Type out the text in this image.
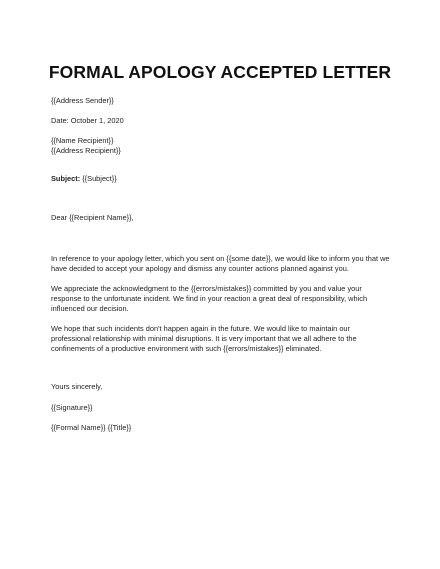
FORMAL APOLOGY ACCEPTED LETTER
{{Address Sender}}
Date: October 1, 2020
{{Name Recipient}}
{{Address Recipient}}
Subject: {{Subject}}
Dear {{Recipient Name}},
In reference to your apology letter, which you sent on {{some date}}, we would like to inform you that we
have decided to accept your apology and dismiss any counter actions planned against you.
We appreciate the acknowledgment to the {{errors/mistakes}} committed by you and value your
response to the unfortunate incident. We find in your reaction a great deal of responsibility, which
influenced our decision.
We hope that such incidents don't happen again in the future. We would like to maintain our
professional relationship with minimal disruptions. It is very important that we all adhere to the
confinements of a productive environment with such {{errors/mistakes}} eliminated.
Yours sincerely,
{{Signature}}
{{Formal Name}} {{Title}}
